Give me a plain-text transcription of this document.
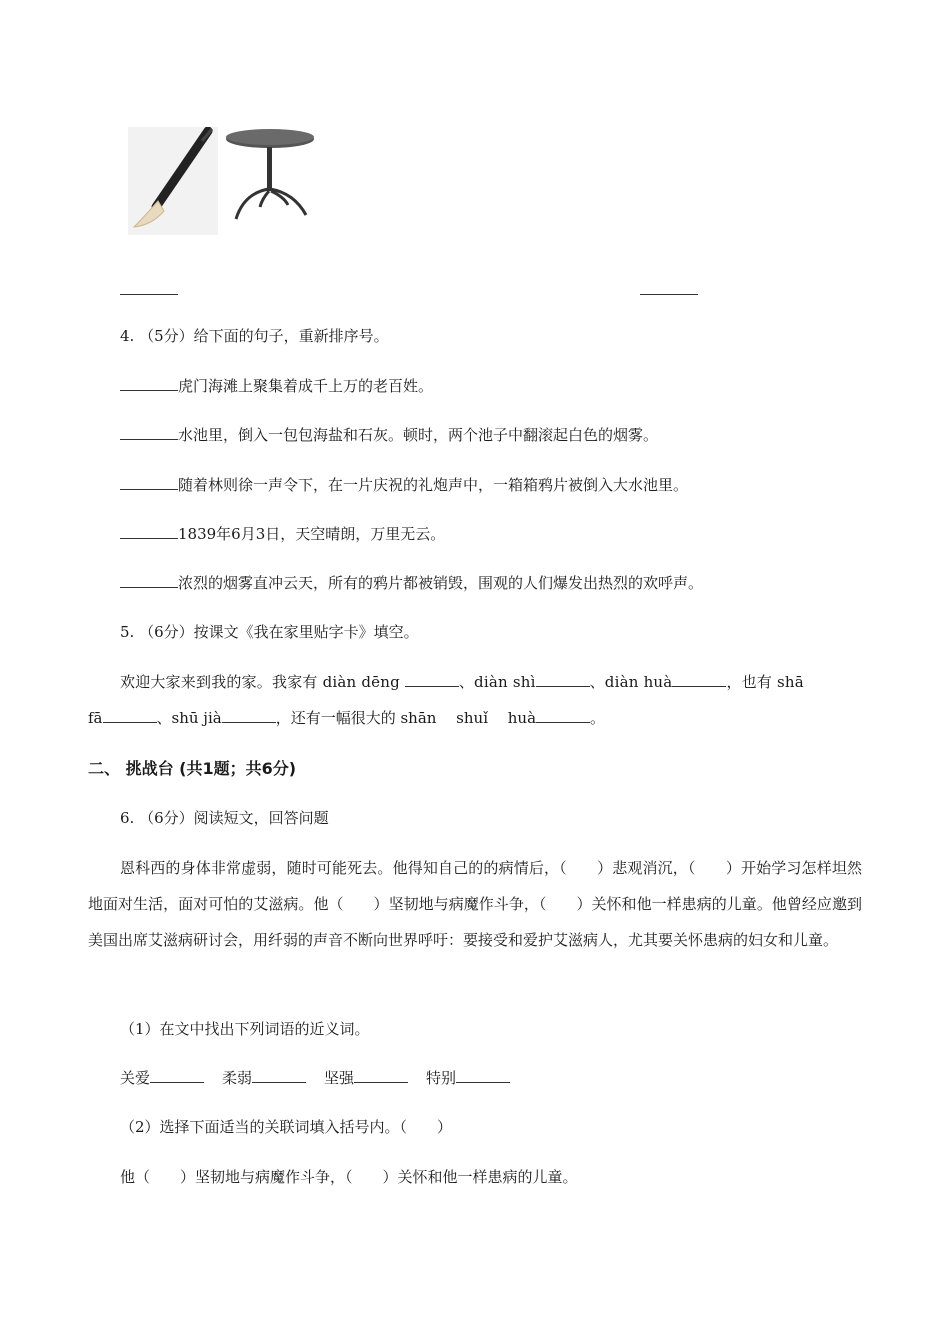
4. （5分）给下面的句子，重新排序号。
虎门海滩上聚集着成千上万的老百姓。
水池里，倒入一包包海盐和石灰。顿时，两个池子中翻滚起白色的烟雾。
随着林则徐一声令下，在一片庆祝的礼炮声中，一箱箱鸦片被倒入大水池里。
1839年6月3日，天空晴朗，万里无云。
浓烈的烟雾直冲云天，所有的鸦片都被销毁，围观的人们爆发出热烈的欢呼声。
5. （6分）按课文《我在家里贴字卡》填空。
欢迎大家来到我的家。我家有 diàn dēng	、diàn shì	、diàn huà	，也有 shā
fā	、shū jià	，还有一幅很大的 shān　 shuǐ　 huà	。
二、 挑战台 (共1题；共6分)
6. （6分）阅读短文，回答问题
恩科西的身体非常虚弱，随时可能死去。他得知自己的的病情后，（　　）悲观消沉，（　　）开始学习怎样坦然地面对生活，面对可怕的艾滋病。他（　　）坚韧地与病魔作斗争，（　　）关怀和他一样患病的儿童。他曾经应邀到美国出席艾滋病研讨会，用纤弱的声音不断向世界呼吁：要接受和爱护艾滋病人，尤其要关怀患病的妇女和儿童。
（1）在文中找出下列词语的近义词。
关爱	柔弱	坚强	特别
（2）选择下面适当的关联词填入括号内。（　　）
他（　　）坚韧地与病魔作斗争，（　　）关怀和他一样患病的儿童。
